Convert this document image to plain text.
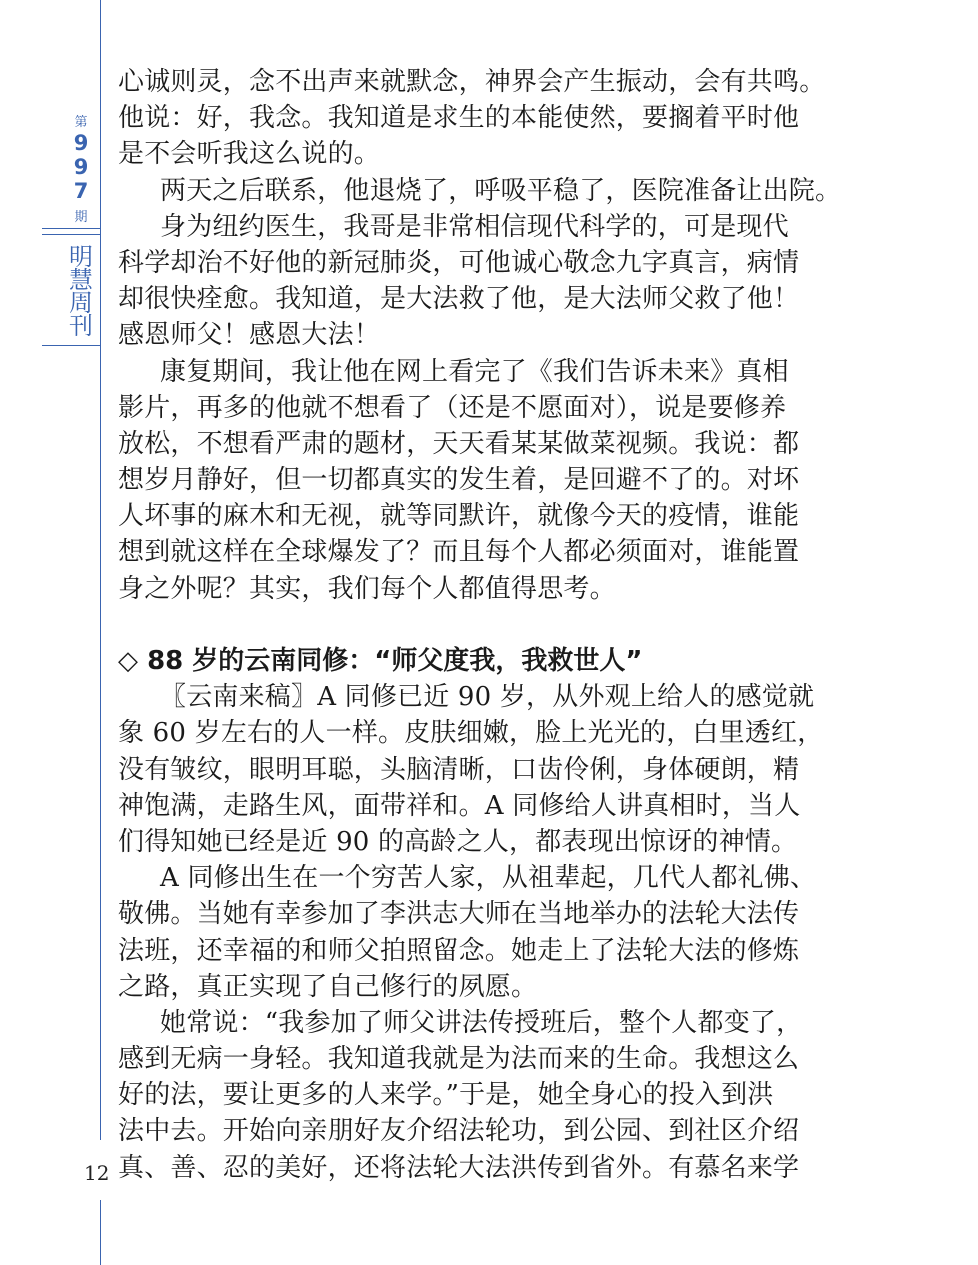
第
9
9
7
期
明
慧
周
刊
12
心诚则灵，念不出声来就默念，神界会产生振动，会有共鸣。
他说：好，我念。我知道是求生的本能使然，要搁着平时他
是不会听我这么说的。
两天之后联系，他退烧了，呼吸平稳了，医院准备让出院。
身为纽约医生，我哥是非常相信现代科学的，可是现代
科学却治不好他的新冠肺炎，可他诚心敬念九字真言，病情
却很快痊愈。我知道，是大法救了他，是大法师父救了他！
感恩师父！感恩大法！
康复期间，我让他在网上看完了《我们告诉未来》真相
影片，再多的他就不想看了（还是不愿面对），说是要修养
放松，不想看严肃的题材，天天看某某做菜视频。我说：都
想岁月静好，但一切都真实的发生着，是回避不了的。对坏
人坏事的麻木和无视，就等同默许，就像今天的疫情，谁能
想到就这样在全球爆发了？而且每个人都必须面对，谁能置
身之外呢？其实，我们每个人都值得思考。
◇ 88 岁的云南同修：“师父度我，我救世人”
〖云南来稿〗A 同修已近 90 岁，从外观上给人的感觉就
象 60 岁左右的人一样。皮肤细嫩，脸上光光的，白里透红，
没有皱纹，眼明耳聪，头脑清晰，口齿伶俐，身体硬朗，精
神饱满，走路生风，面带祥和。A 同修给人讲真相时，当人
们得知她已经是近 90 的高龄之人，都表现出惊讶的神情。
A 同修出生在一个穷苦人家，从祖辈起，几代人都礼佛、
敬佛。当她有幸参加了李洪志大师在当地举办的法轮大法传
法班，还幸福的和师父拍照留念。她走上了法轮大法的修炼
之路，真正实现了自己修行的夙愿。
她常说：“我参加了师父讲法传授班后，整个人都变了，
感到无病一身轻。我知道我就是为法而来的生命。我想这么
好的法，要让更多的人来学。”于是，她全身心的投入到洪
法中去。开始向亲朋好友介绍法轮功，到公园、到社区介绍
真、善、忍的美好，还将法轮大法洪传到省外。有慕名来学
